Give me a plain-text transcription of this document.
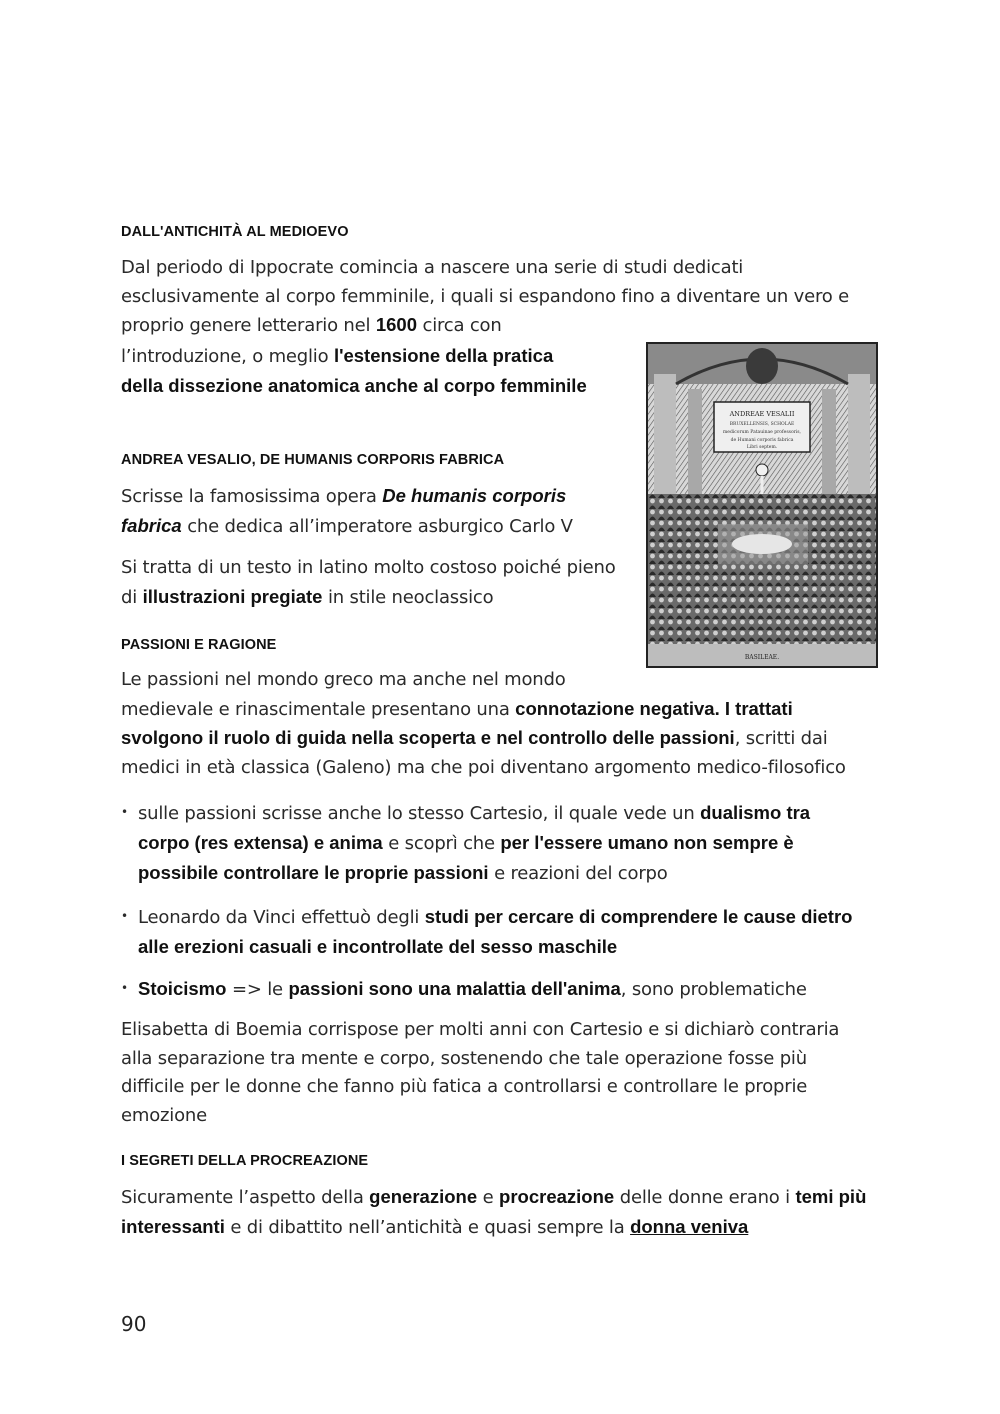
DALL'ANTICHITÀ AL MEDIOEVO

Dal periodo di Ippocrate comincia a nascere una serie di studi dedicati esclusivamente al corpo femminile, i quali si espandono fino a diventare un vero e proprio genere letterario nel 1600 circa con

l’introduzione, o meglio l'estensione della pratica della dissezione anatomica anche al corpo femminile

ANDREA VESALIO, DE HUMANIS CORPORIS FABRICA

Scrisse la famosissima opera De humanis corporis fabrica che dedica all’imperatore asburgico Carlo V

Si tratta di un testo in latino molto costoso poiché pieno di illustrazioni pregiate in stile neoclassico

ANDREAE VESALII
BRUXELLENSIS, SCHOLAE
medicorum Patauinae professoris,
de Humani corporis fabrica
Libri septem.
BASILEAE.
PASSIONI E RAGIONE

Le passioni nel mondo greco ma anche nel mondo
medievale e rinascimentale presentano una connotazione negativa. I trattati svolgono il ruolo di guida nella scoperta e nel controllo delle passioni, scritti dai medici in età classica (Galeno) ma che poi diventano argomento medico-filosofico

• sulle passioni scrisse anche lo stesso Cartesio, il quale vede un dualismo tra corpo (res extensa) e anima e scoprì che per l'essere umano non sempre è possibile controllare le proprie passioni e reazioni del corpo
• Leonardo da Vinci effettuò degli studi per cercare di comprendere le cause dietro alle erezioni casuali e incontrollate del sesso maschile
• Stoicismo => le passioni sono una malattia dell'anima, sono problematiche

Elisabetta di Boemia corrispose per molti anni con Cartesio e si dichiarò contraria alla separazione tra mente e corpo, sostenendo che tale operazione fosse più difficile per le donne che fanno più fatica a controllarsi e controllare le proprie emozione

I SEGRETI DELLA PROCREAZIONE

Sicuramente l’aspetto della generazione e procreazione delle donne erano i temi più interessanti e di dibattito nell’antichità e quasi sempre la donna veniva

90
